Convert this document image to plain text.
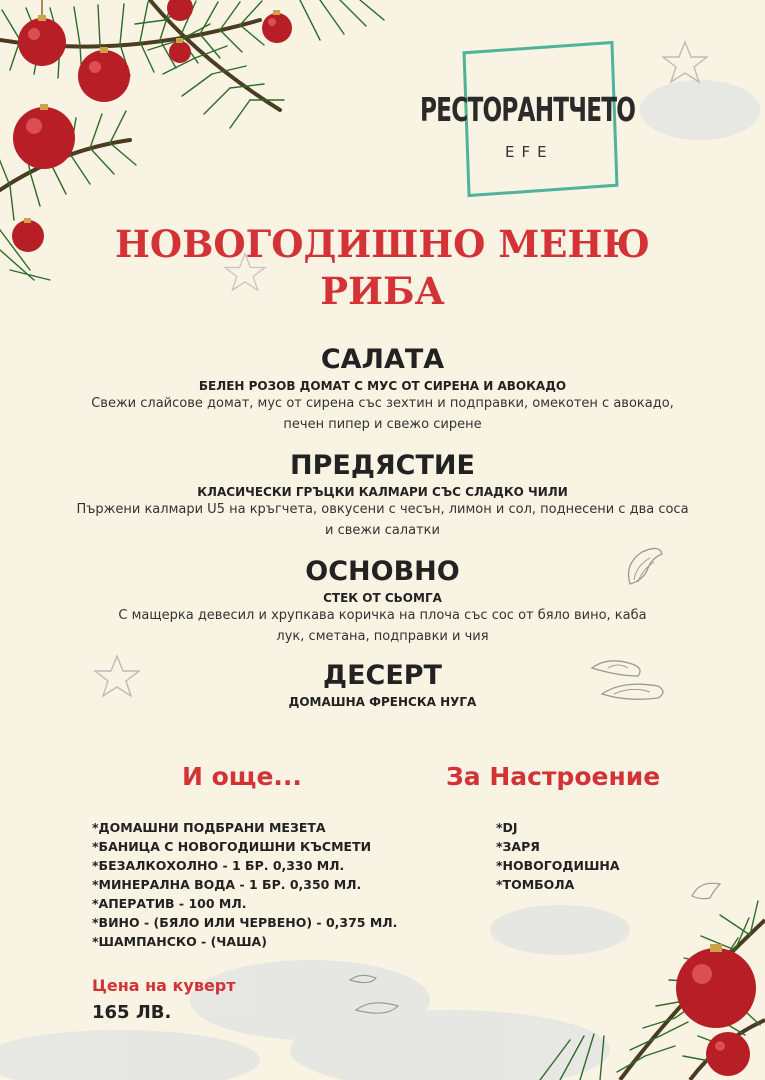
РЕСТОРАНТЧЕТО
EFE
НОВОГОДИШНО МЕНЮ
РИБА
САЛАТА
БЕЛЕН РОЗОВ ДОМАТ С МУС ОТ СИРЕНА И АВОКАДО
Свежи слайсове домат, мус от сирена със зехтин и подправки, омекотен с авокадо,
печен пипер и свежо сирене
ПРЕДЯСТИЕ
КЛАСИЧЕСКИ ГРЪЦКИ КАЛМАРИ СЪС СЛАДКО ЧИЛИ
Пържени калмари U5 на кръгчета, овкусени с чесън, лимон и сол, поднесени с два соса
и свежи салатки
ОСНОВНО
СТЕК ОТ СЬОМГА
С мащерка девесил и хрупкава коричка на плоча със сос от бяло вино, каба
лук, сметана, подправки и чия
ДЕСЕРТ
ДОМАШНА ФРЕНСКА НУГА
И още...
*ДОМАШНИ ПОДБРАНИ МЕЗЕТА
*БАНИЦА С НОВОГОДИШНИ КЪСМЕТИ
*БЕЗАЛКОХОЛНО - 1 БР. 0,330 МЛ.
*МИНЕРАЛНА ВОДА - 1 БР. 0,350 МЛ.
*АПЕРАТИВ - 100 МЛ.
*ВИНО - (БЯЛО ИЛИ ЧЕРВЕНО) - 0,375 МЛ.
*ШАМПАНСКО - (ЧАША)
За Настроение
*DJ
*ЗАРЯ
*НОВОГОДИШНА
*ТОМБОЛА
Цена на куверт
165 ЛВ.
